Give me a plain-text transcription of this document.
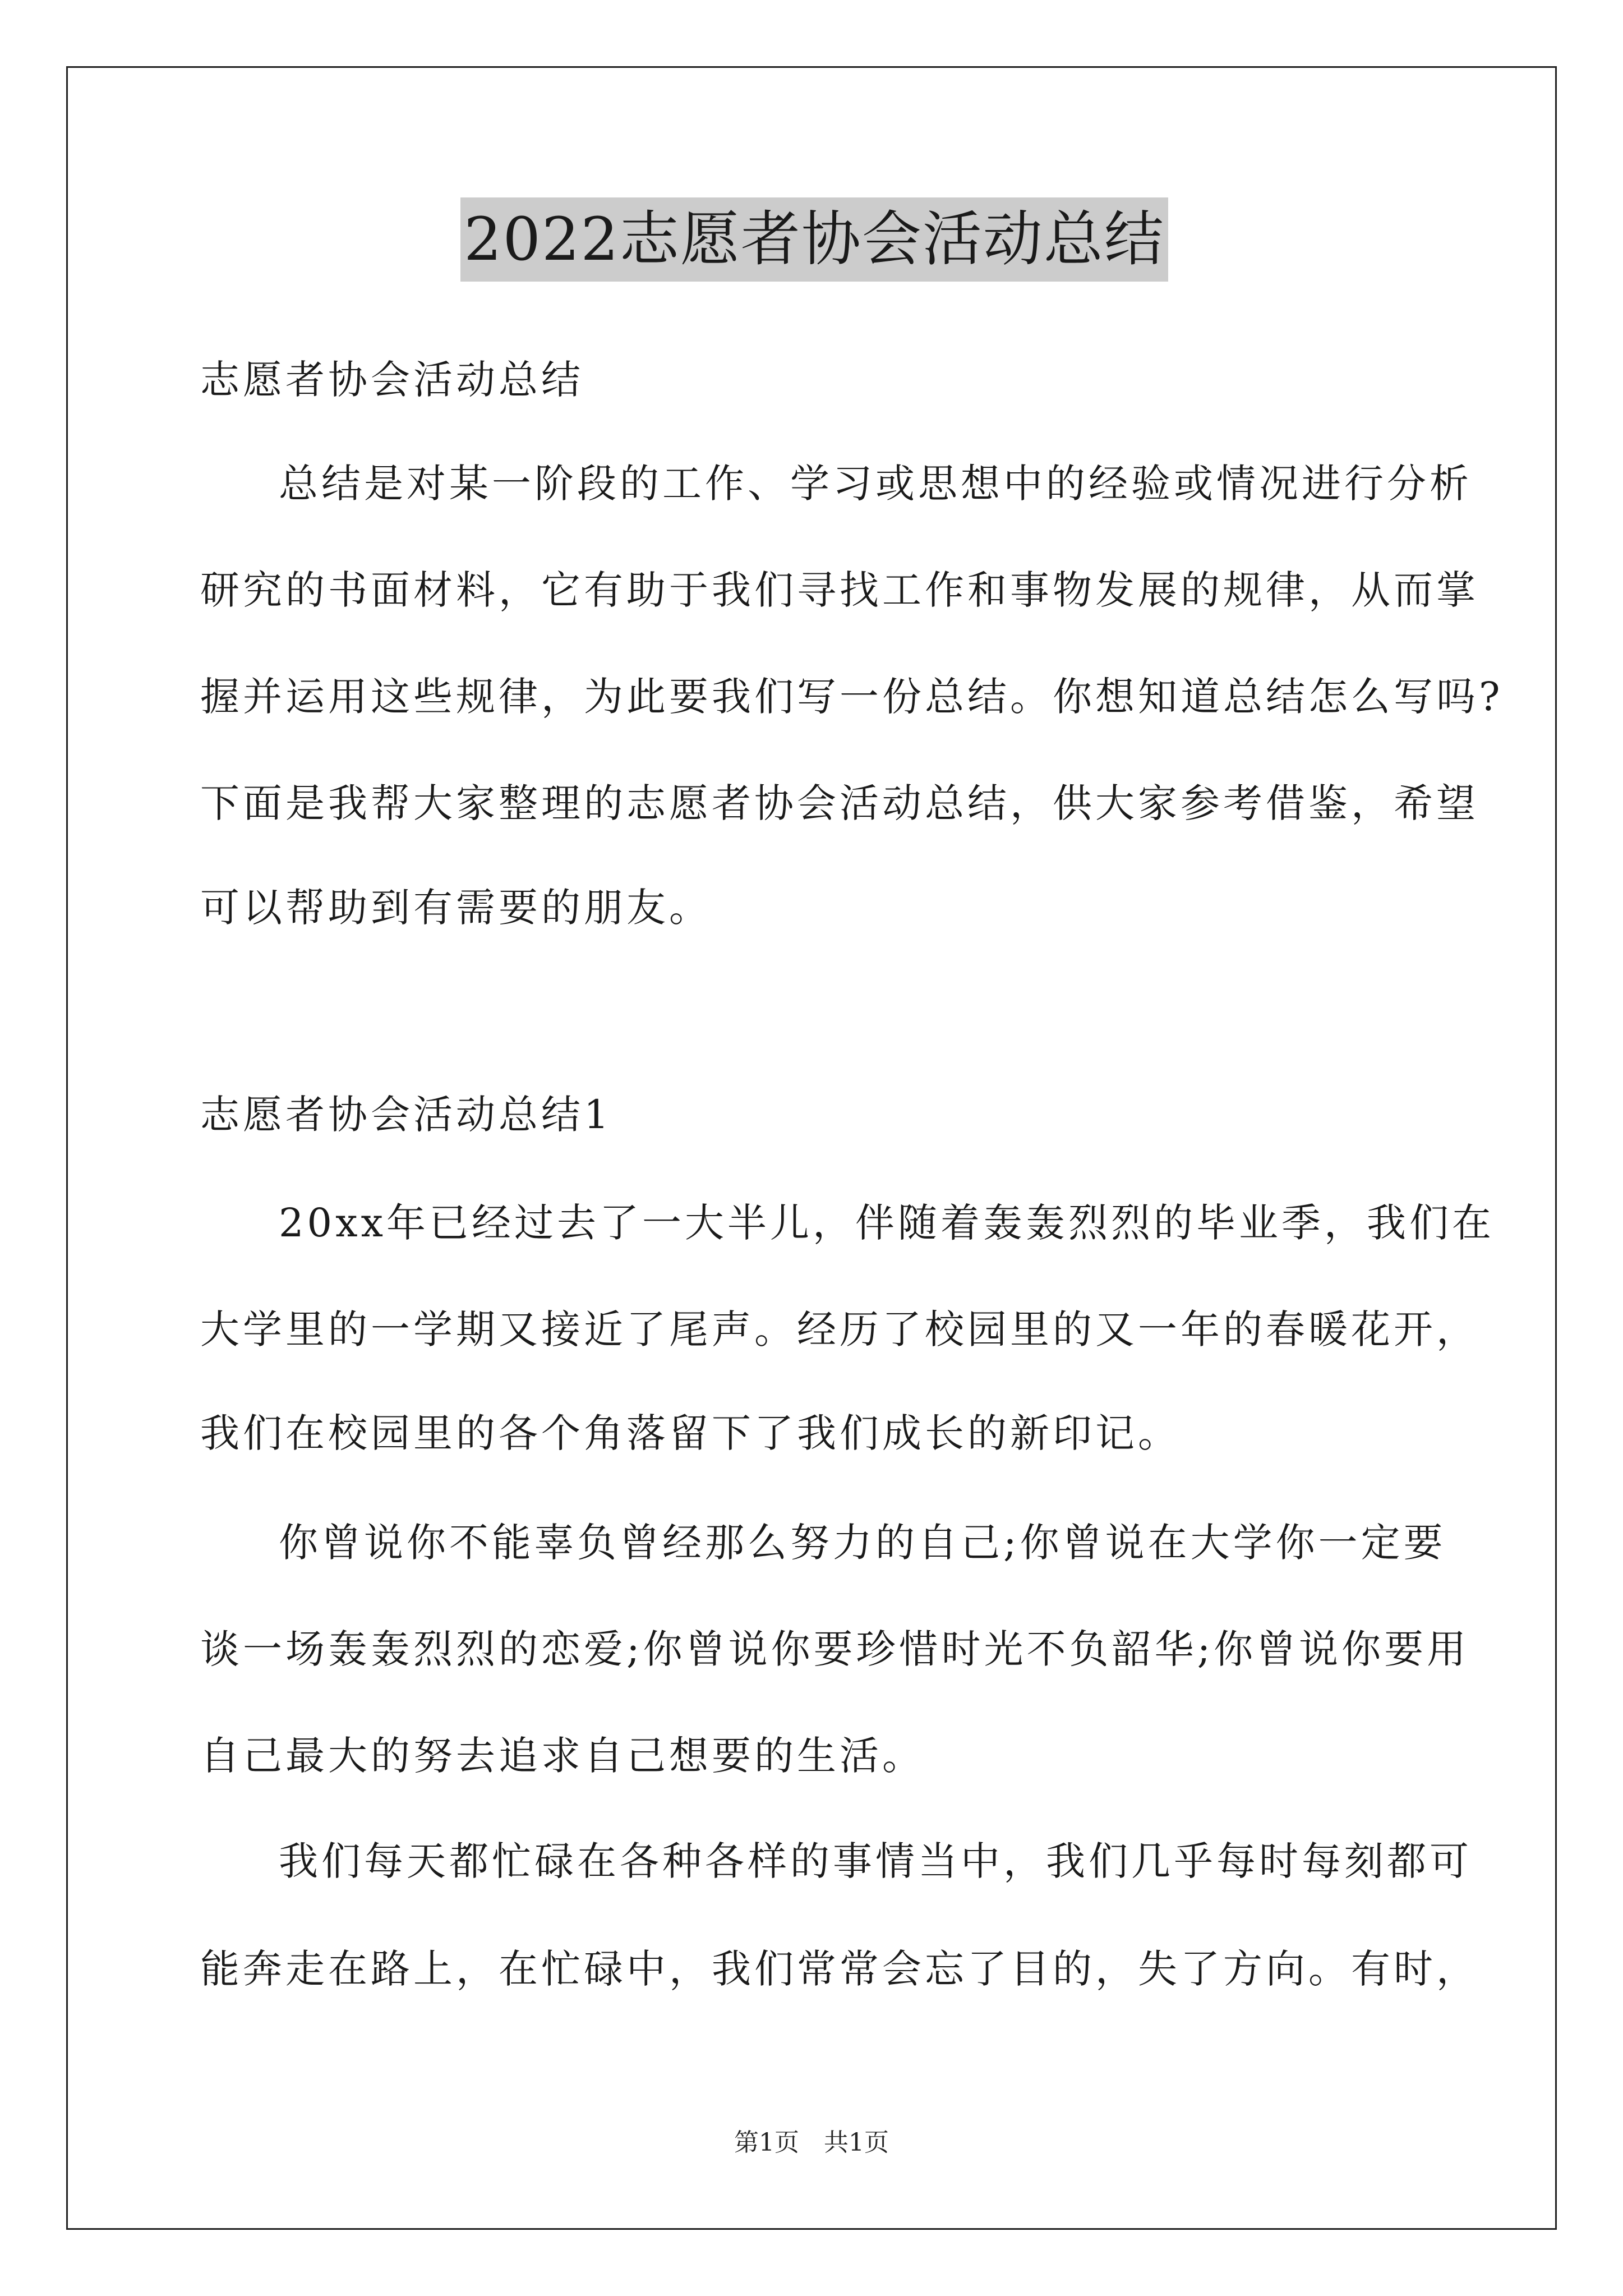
2022志愿者协会活动总结
志愿者协会活动总结
总结是对某一阶段的工作、学习或思想中的经验或情况进行分析
研究的书面材料，它有助于我们寻找工作和事物发展的规律，从而掌
握并运用这些规律，为此要我们写一份总结。你想知道总结怎么写吗?
下面是我帮大家整理的志愿者协会活动总结，供大家参考借鉴，希望
可以帮助到有需要的朋友。
志愿者协会活动总结1
20xx年已经过去了一大半儿，伴随着轰轰烈烈的毕业季，我们在
大学里的一学期又接近了尾声。经历了校园里的又一年的春暖花开，
我们在校园里的各个角落留下了我们成长的新印记。
你曾说你不能辜负曾经那么努力的自己;你曾说在大学你一定要
谈一场轰轰烈烈的恋爱;你曾说你要珍惜时光不负韶华;你曾说你要用
自己最大的努去追求自己想要的生活。
我们每天都忙碌在各种各样的事情当中，我们几乎每时每刻都可
能奔走在路上，在忙碌中，我们常常会忘了目的，失了方向。有时，
第1页 共1页
